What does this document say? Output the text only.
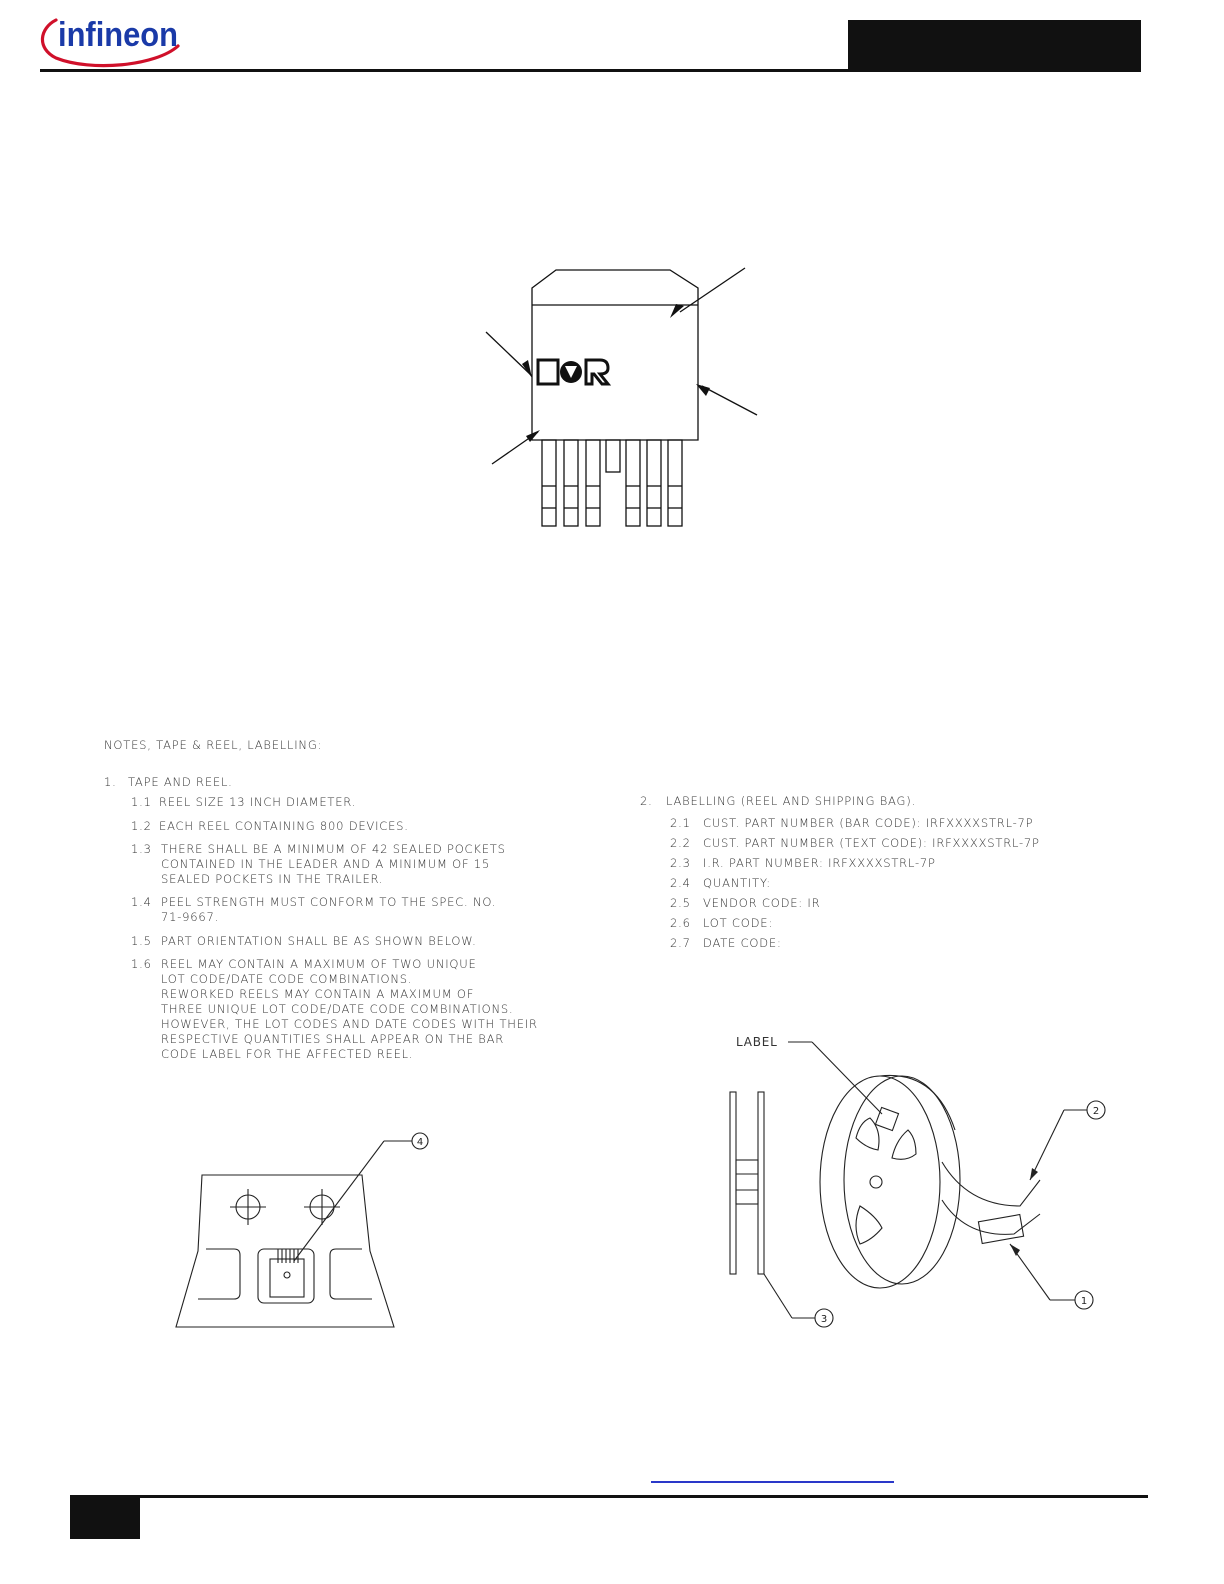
infineon
NOTES, TAPE & REEL, LABELLING:
1. TAPE AND REEL.
1.1 REEL SIZE 13 INCH DIAMETER.
1.2 EACH REEL CONTAINING 800 DEVICES.
1.3 THERE SHALL BE A MINIMUM OF 42 SEALED POCKETS
CONTAINED IN THE LEADER AND A MINIMUM OF 15
SEALED POCKETS IN THE TRAILER.
1.4 PEEL STRENGTH MUST CONFORM TO THE SPEC. NO.
71-9667.
1.5 PART ORIENTATION SHALL BE AS SHOWN BELOW.
1.6 REEL MAY CONTAIN A MAXIMUM OF TWO UNIQUE
LOT CODE/DATE CODE COMBINATIONS.
REWORKED REELS MAY CONTAIN A MAXIMUM OF
THREE UNIQUE LOT CODE/DATE CODE COMBINATIONS.
HOWEVER, THE LOT CODES AND DATE CODES WITH THEIR
RESPECTIVE QUANTITIES SHALL APPEAR ON THE BAR
CODE LABEL FOR THE AFFECTED REEL.
2. LABELLING (REEL AND SHIPPING BAG).
2.1 CUST. PART NUMBER (BAR CODE): IRFXXXXSTRL-7P
2.2 CUST. PART NUMBER (TEXT CODE): IRFXXXXSTRL-7P
2.3 I.R. PART NUMBER: IRFXXXXSTRL-7P
2.4 QUANTITY:
2.5 VENDOR CODE: IR
2.6 LOT CODE:
2.7 DATE CODE:
4
LABEL
1
2
3
